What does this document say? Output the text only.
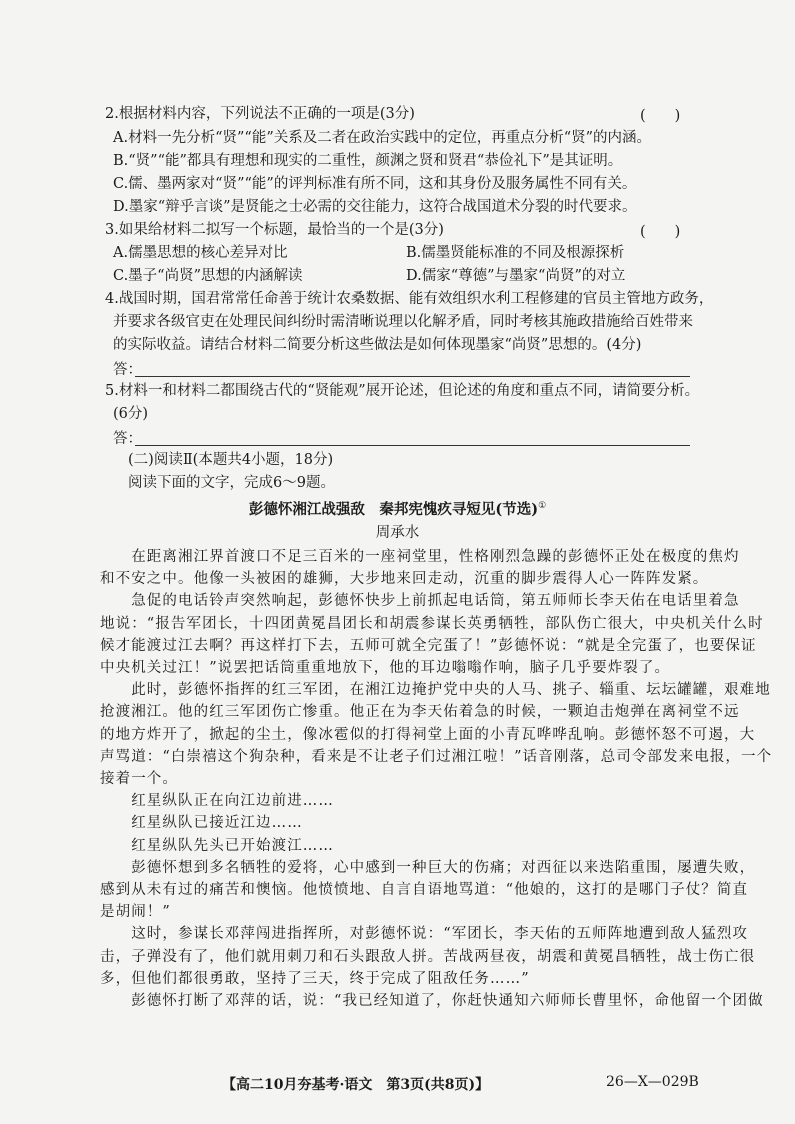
2.根据材料内容，下列说法不正确的一项是(3分)	(　　)
A.材料一先分析“贤”“能”关系及二者在政治实践中的定位，再重点分析“贤”的内涵。
B.“贤”“能”都具有理想和现实的二重性，颜渊之贤和贤君“恭俭礼下”是其证明。
C.儒、墨两家对“贤”“能”的评判标准有所不同，这和其身份及服务属性不同有关。
D.墨家“辩乎言谈”是贤能之士必需的交往能力，这符合战国道术分裂的时代要求。
3.如果给材料二拟写一个标题，最恰当的一个是(3分)	(　　)
A.儒墨思想的核心差异对比	B.儒墨贤能标准的不同及根源探析
C.墨子“尚贤”思想的内涵解读	D.儒家“尊德”与墨家“尚贤”的对立
4.战国时期，国君常常任命善于统计农桑数据、能有效组织水利工程修建的官员主管地方政务，
并要求各级官吏在处理民间纠纷时需清晰说理以化解矛盾，同时考核其施政措施给百姓带来
的实际收益。请结合材料二简要分析这些做法是如何体现墨家“尚贤”思想的。(4分)
答：
5.材料一和材料二都围绕古代的“贤能观”展开论述，但论述的角度和重点不同，请简要分析。
(6分)
答：
(二)阅读Ⅱ(本题共4小题，18分)
阅读下面的文字，完成6～9题。
彭德怀湘江战强敌　秦邦宪愧疚寻短见(节选)①
周承水
　　在距离湘江界首渡口不足三百米的一座祠堂里，性格刚烈急躁的彭德怀正处在极度的焦灼
和不安之中。他像一头被困的雄狮，大步地来回走动，沉重的脚步震得人心一阵阵发紧。
　　急促的电话铃声突然响起，彭德怀快步上前抓起电话筒，第五师师长李天佑在电话里着急
地说：“报告军团长，十四团黄冕昌团长和胡震参谋长英勇牺牲，部队伤亡很大，中央机关什么时
候才能渡过江去啊？再这样打下去，五师可就全完蛋了！”彭德怀说：“就是全完蛋了，也要保证
中央机关过江！”说罢把话筒重重地放下，他的耳边嗡嗡作响，脑子几乎要炸裂了。
　　此时，彭德怀指挥的红三军团，在湘江边掩护党中央的人马、挑子、辎重、坛坛罐罐，艰难地
抢渡湘江。他的红三军团伤亡惨重。他正在为李天佑着急的时候，一颗迫击炮弹在离祠堂不远
的地方炸开了，掀起的尘土，像冰雹似的打得祠堂上面的小青瓦哗哗乱响。彭德怀怒不可遏，大
声骂道：“白崇禧这个狗杂种，看来是不让老子们过湘江啦！”话音刚落，总司令部发来电报，一个
接着一个。
　　红星纵队正在向江边前进……
　　红星纵队已接近江边……
　　红星纵队先头已开始渡江……
　　彭德怀想到多名牺牲的爱将，心中感到一种巨大的伤痛；对西征以来迭陷重围，屡遭失败，
感到从未有过的痛苦和懊恼。他愤愤地、自言自语地骂道：“他娘的，这打的是哪门子仗？简直
是胡闹！”
　　这时，参谋长邓萍闯进指挥所，对彭德怀说：“军团长，李天佑的五师阵地遭到敌人猛烈攻
击，子弹没有了，他们就用刺刀和石头跟敌人拼。苦战两昼夜，胡震和黄冕昌牺牲，战士伤亡很
多，但他们都很勇敢，坚持了三天，终于完成了阻敌任务……”
　　彭德怀打断了邓萍的话，说：“我已经知道了，你赶快通知六师师长曹里怀，命他留一个团做
【高二10月夯基考·语文　第3页(共8页)】	26—X—029B
